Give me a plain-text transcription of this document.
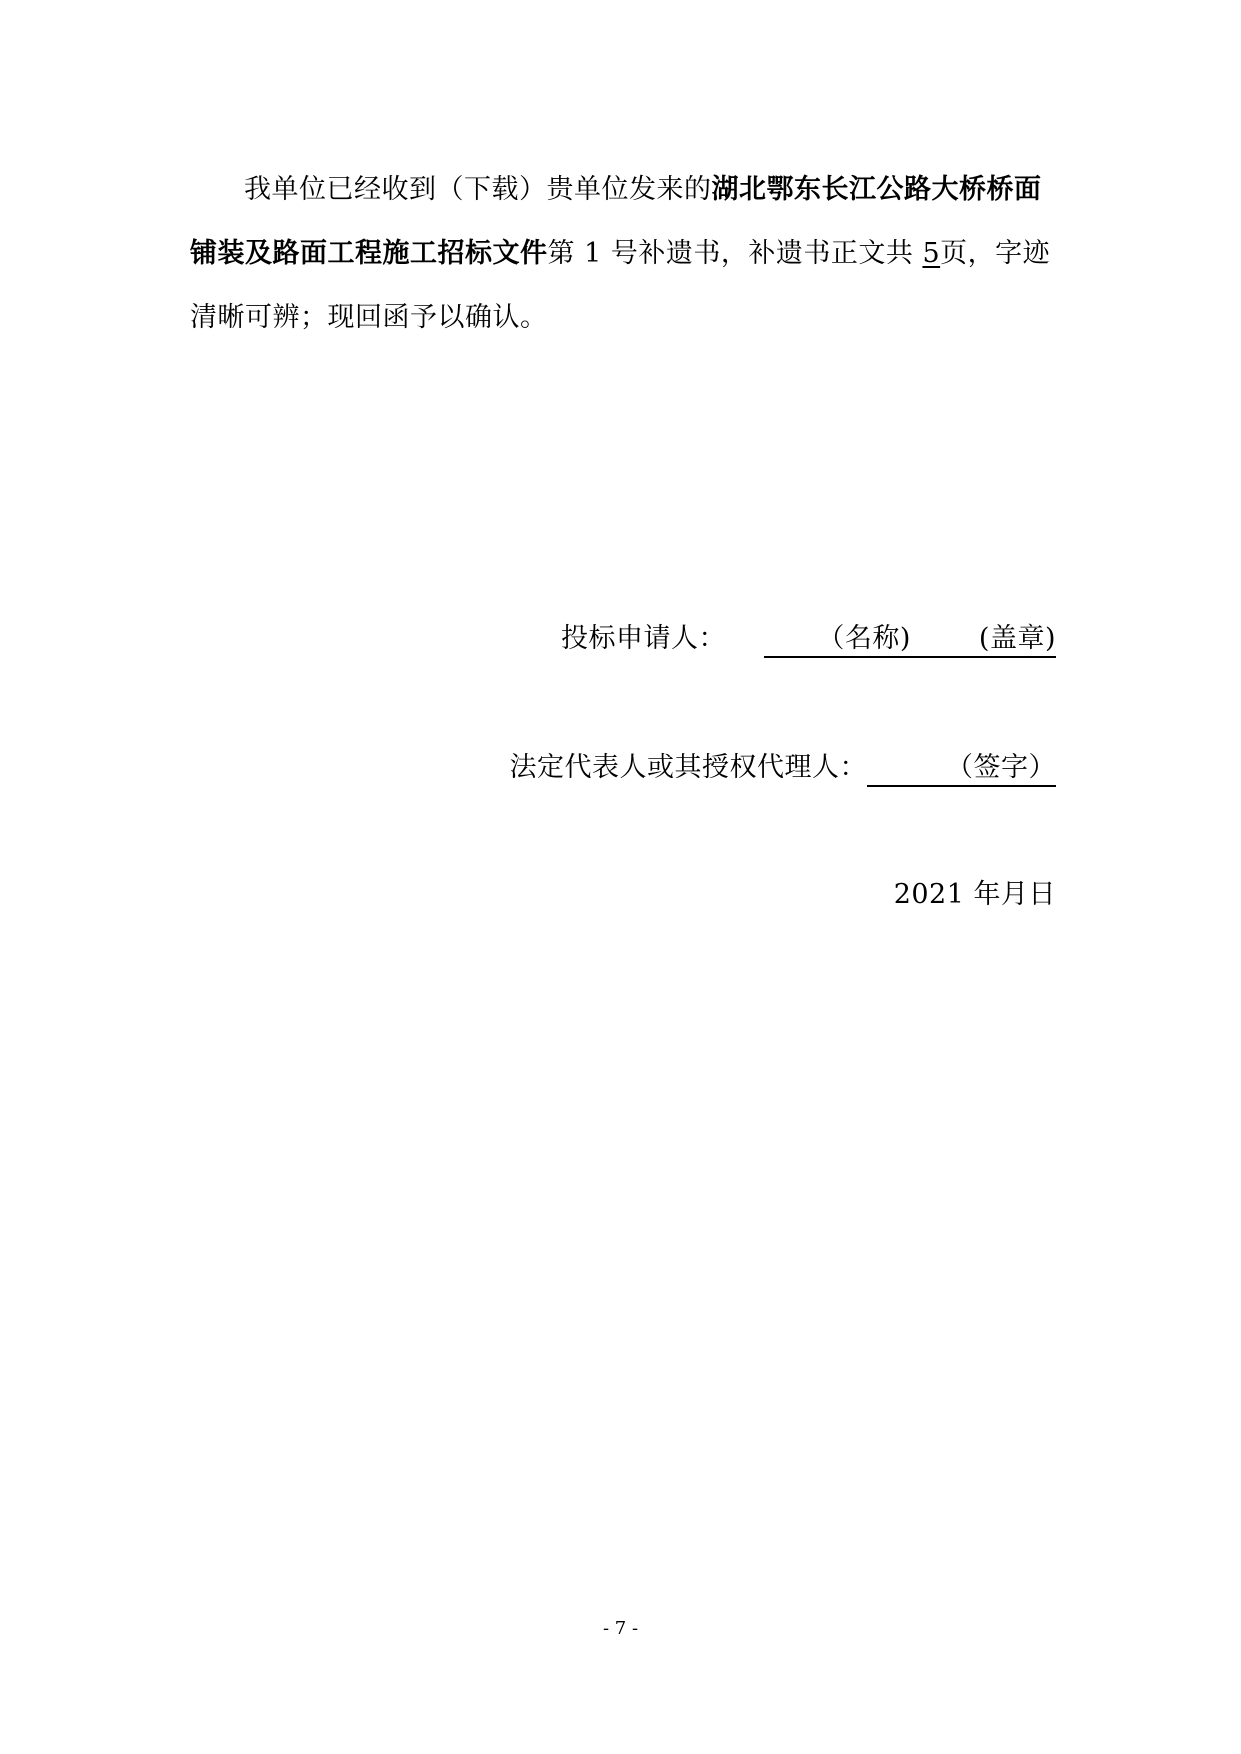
我单位已经收到（下载）贵单位发来的湖北鄂东长江公路大桥桥面铺装及路面工程施工招标文件第 1 号补遗书，补遗书正文共 5页，字迹清晰可辨；现回函予以确认。
投标申请人：	（名称)	(盖章)
法定代表人或其授权代理人：	（签字）
2021 年月日
- 7 -
